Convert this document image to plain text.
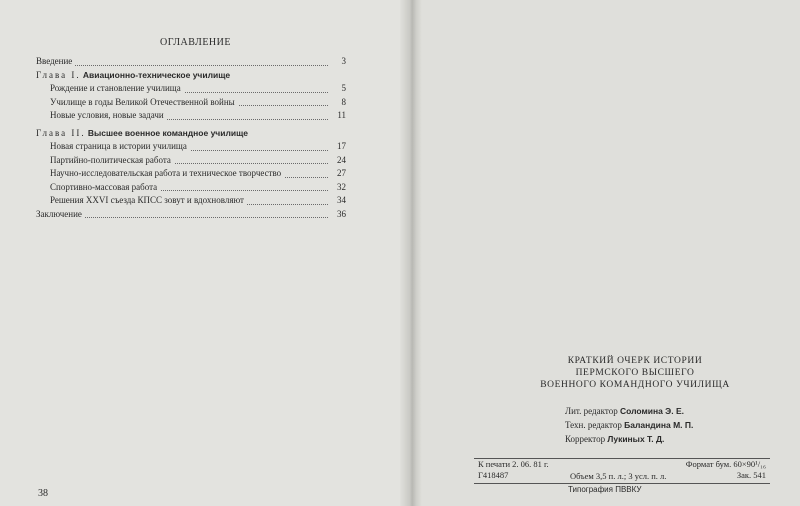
ОГЛАВЛЕНИЕ
Введение	3
Глава I. Авиационно-техническое училище
Рождение и становление училища	5
Училище в годы Великой Отечественной войны	8
Новые условия, новые задачи	11
Глава II. Высшее военное командное училище
Новая страница в истории училища	17
Партийно-политическая работа	24
Научно-исследовательская работа и техническое творчество	27
Спортивно-массовая работа	32
Решения XXVI съезда КПСС зовут и вдохновляют	34
Заключение	36
38
КРАТКИЙ ОЧЕРК ИСТОРИИ
ПЕРМСКОГО ВЫСШЕГО
ВОЕННОГО КОМАНДНОГО УЧИЛИЩА
Лит. редактор Соломина Э. Е.
Техн. редактор Баландина М. П.
Корректор Лукиных Т. Д.
К печати 2. 06. 81 г.	Формат бум. 60×90¹/₁₆
Г418487	Объем 3,5 п. л.; 3 усл. п. л.	Зак. 541
Типография ПВВКУ
